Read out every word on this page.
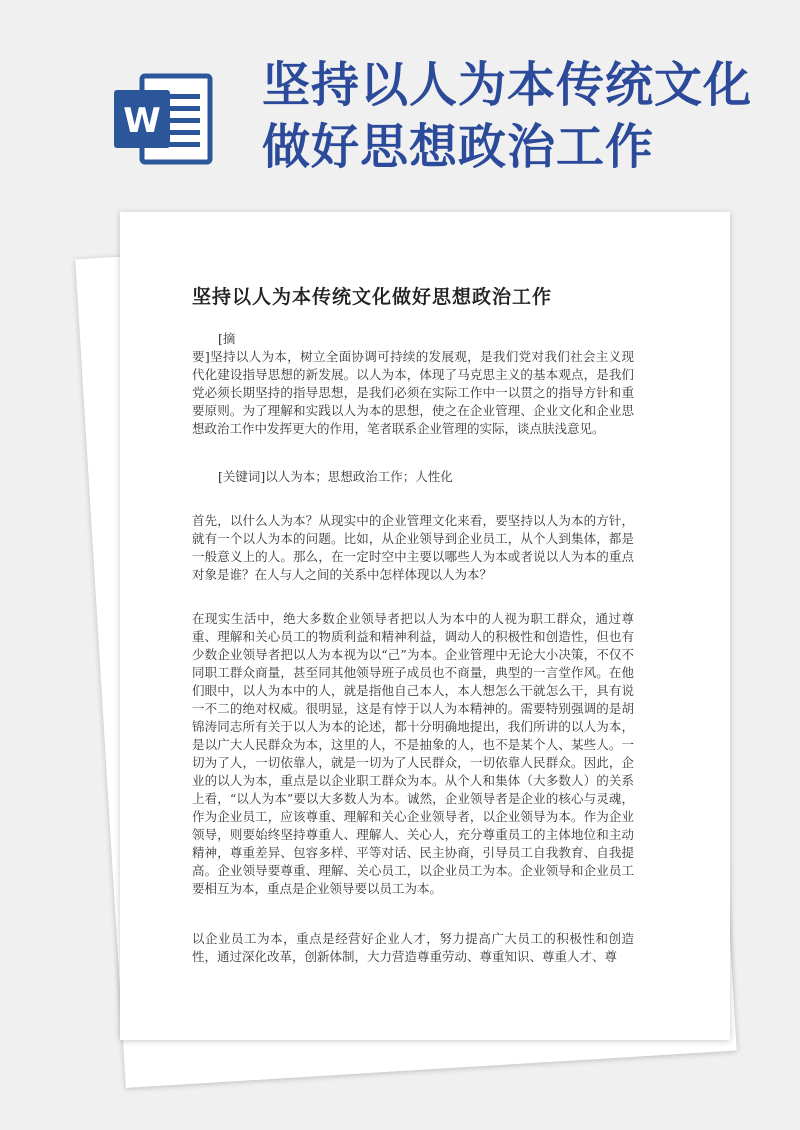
W
坚持以人为本传统文化做好思想政治工作
坚持以人为本传统文化做好思想政治工作
[摘
要]坚持以人为本，树立全面协调可持续的发展观，是我们党对我们社会主义现代化建设指导思想的新发展。以人为本，体现了马克思主义的基本观点，是我们党必须长期坚持的指导思想，是我们必须在实际工作中一以贯之的指导方针和重要原则。为了理解和实践以人为本的思想，使之在企业管理、企业文化和企业思想政治工作中发挥更大的作用，笔者联系企业管理的实际，谈点肤浅意见。
[关键词]以人为本；思想政治工作；人性化
首先，以什么人为本？从现实中的企业管理文化来看，要坚持以人为本的方针，就有一个以人为本的问题。比如，从企业领导到企业员工，从个人到集体，都是一般意义上的人。那么，在一定时空中主要以哪些人为本或者说以人为本的重点对象是谁？在人与人之间的关系中怎样体现以人为本？
在现实生活中，绝大多数企业领导者把以人为本中的人视为职工群众，通过尊重、理解和关心员工的物质利益和精神利益，调动人的积极性和创造性，但也有少数企业领导者把以人为本视为以“己”为本。企业管理中无论大小决策，不仅不同职工群众商量，甚至同其他领导班子成员也不商量，典型的一言堂作风。在他们眼中，以人为本中的人，就是指他自己本人，本人想怎么干就怎么干，具有说一不二的绝对权威。很明显，这是有悖于以人为本精神的。需要特别强调的是胡锦涛同志所有关于以人为本的论述，都十分明确地提出，我们所讲的以人为本，是以广大人民群众为本，这里的人，不是抽象的人，也不是某个人、某些人。一切为了人，一切依靠人，就是一切为了人民群众，一切依靠人民群众。因此，企业的以人为本，重点是以企业职工群众为本。从个人和集体（大多数人）的关系上看，“以人为本”要以大多数人为本。诚然，企业领导者是企业的核心与灵魂，作为企业员工，应该尊重、理解和关心企业领导者，以企业领导为本。作为企业领导，则要始终坚持尊重人、理解人、关心人，充分尊重员工的主体地位和主动精神，尊重差异、包容多样、平等对话、民主协商，引导员工自我教育、自我提高。企业领导要尊重、理解、关心员工，以企业员工为本。企业领导和企业员工要相互为本，重点是企业领导要以员工为本。
以企业员工为本，重点是经营好企业人才，努力提高广大员工的积极性和创造性，通过深化改革，创新体制，大力营造尊重劳动、尊重知识、尊重人才、尊
